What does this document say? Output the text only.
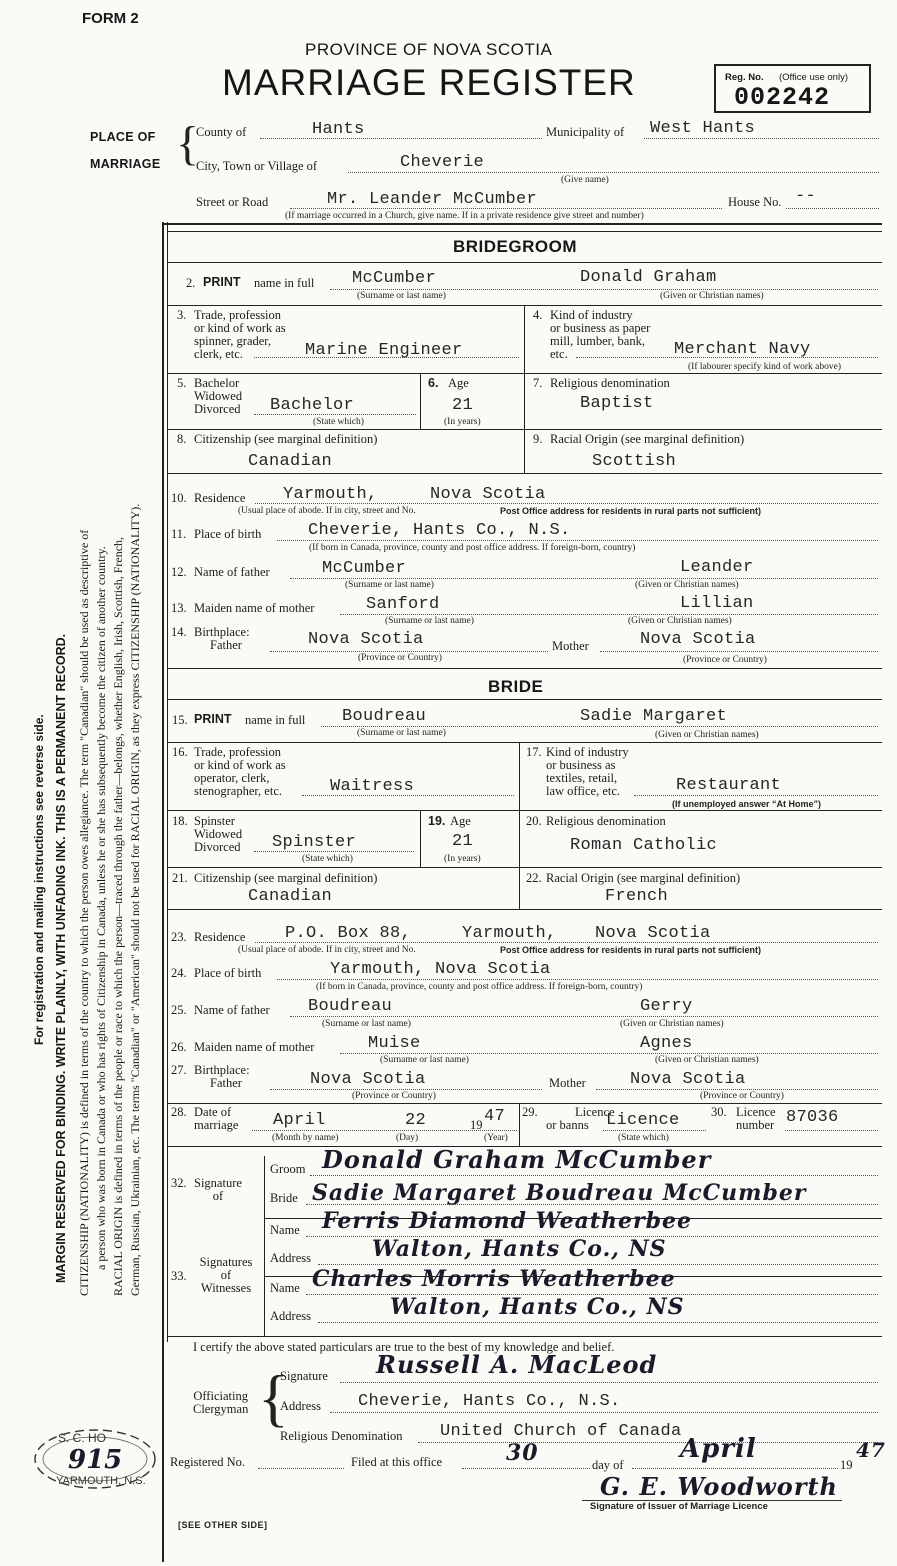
FORM 2
PROVINCE OF NOVA SCOTIA
MARRIAGE REGISTER	Reg. No. (Office use only)
002242
PLACE OF
MARRIAGE {
County of	Hants	Municipality of West Hants
City, Town or Village of	Cheverie
(Give name)
Street or Road	Mr. Leander McCumber	House No. --
(If marriage occurred in a Church, give name. If in a private residence give street and number)
For registration and mailing instructions see reverse side. MARGIN RESERVED FOR BINDING. WRITE PLAINLY, WITH UNFADING INK. THIS IS A PERMANENT RECORD. CITIZENSHIP (NATIONALITY) is defined in terms of the country to which the person owes allegiance. The term "Canadian" should be used as descriptive of a person who was born in Canada or who has rights of Citizenship in Canada, unless he or she has subsequently become the citizen of another country. RACIAL ORIGIN is defined in terms of the people or race to which the person—traced through the father—belongs, whether English, Irish, Scottish, French, German, Russian, Ukrainian, etc. The terms "Canadian" or "American" should not be used for RACIAL ORIGIN, as they express CITIZENSHIP (NATIONALITY).
BRIDEGROOM
2. PRINT name in full McCumber	Donald Graham
(Surname or last name)	(Given or Christian names)
3. Trade, profession
or kind of work as
spinner, grader,
clerk, etc.	Marine Engineer
4. Kind of industry
or business as paper
mill, lumber, bank,
etc.	Merchant Navy
(If labourer specify kind of work above)
5. Bachelor
Widowed
Divorced Bachelor
(State which)
6. Age
21
(In years)
7. Religious denomination
Baptist
8. Citizenship (see marginal definition)
Canadian
9. Racial Origin (see marginal definition)
Scottish
10. Residence Yarmouth,	Nova Scotia
(Usual place of abode. If in city, street and No.	Post Office address for residents in rural parts not sufficient)
11. Place of birth	Cheverie, Hants Co., N.S.
(If born in Canada, province, county and post office address. If foreign-born, country)
12. Name of father	McCumber	Leander
(Surname or last name)	(Given or Christian names)
13. Maiden name of mother	Sanford	Lillian
(Surname or last name)	(Given or Christian names)
14. Birthplace:
Father	Nova Scotia	Mother	Nova Scotia
(Province or Country)	(Province or Country)
BRIDE
15. PRINT name in full Boudreau	Sadie Margaret
(Surname or last name)	(Given or Christian names)
16. Trade, profession
or kind of work as
operator, clerk,
stenographer, etc.	Waitress
17. Kind of industry
or business as
textiles, retail,
law office, etc.	Restaurant
(If unemployed answer “At Home”)
18. Spinster
Widowed
Divorced Spinster
(State which)
19. Age
21
(In years)
20. Religious denomination
Roman Catholic
21. Citizenship (see marginal definition)
Canadian
22. Racial Origin (see marginal definition)
French
23. Residence P.O. Box 88,	Yarmouth, Nova Scotia
(Usual place of abode. If in city, street and No.	Post Office address for residents in rural parts not sufficient)
24. Place of birth	Yarmouth, Nova Scotia
(If born in Canada, province, county and post office address. If foreign-born, country)
25. Name of father Boudreau	Gerry
(Surname or last name)	(Given or Christian names)
26. Maiden name of mother	Muise	Agnes
(Surname or last name)	(Given or Christian names)
27. Birthplace:
Father	Nova Scotia	Mother	Nova Scotia
(Province or Country)	(Province or Country)
28. Date of
marriage April	22	19 47
(Month by name)	(Day)	(Year)
29.	Licence
or banns	Licence
(State which)
30. Licence
number 87036
32. Signature
of
Groom Donald Graham McCumber
Bride Sadie Margaret Boudreau McCumber
33.
Signatures
of
Witnesses
Name Ferris Diamond Weatherbee
Address	Walton, Hants Co., NS
Name Charles Morris Weatherbee
Address	Walton, Hants Co., NS
I certify the above stated particulars are true to the best of my knowledge and belief.
Officiating
Clergyman {
Signature Russell A. MacLeod
Address Cheverie, Hants Co., N.S.
Religious Denomination United Church of Canada
S. C. HO
915
YARMOUTH, N.S.
Registered No.	Filed at this office	30	day of
April
19
47
G. E. Woodworth
Signature of Issuer of Marriage Licence
[SEE OTHER SIDE]
